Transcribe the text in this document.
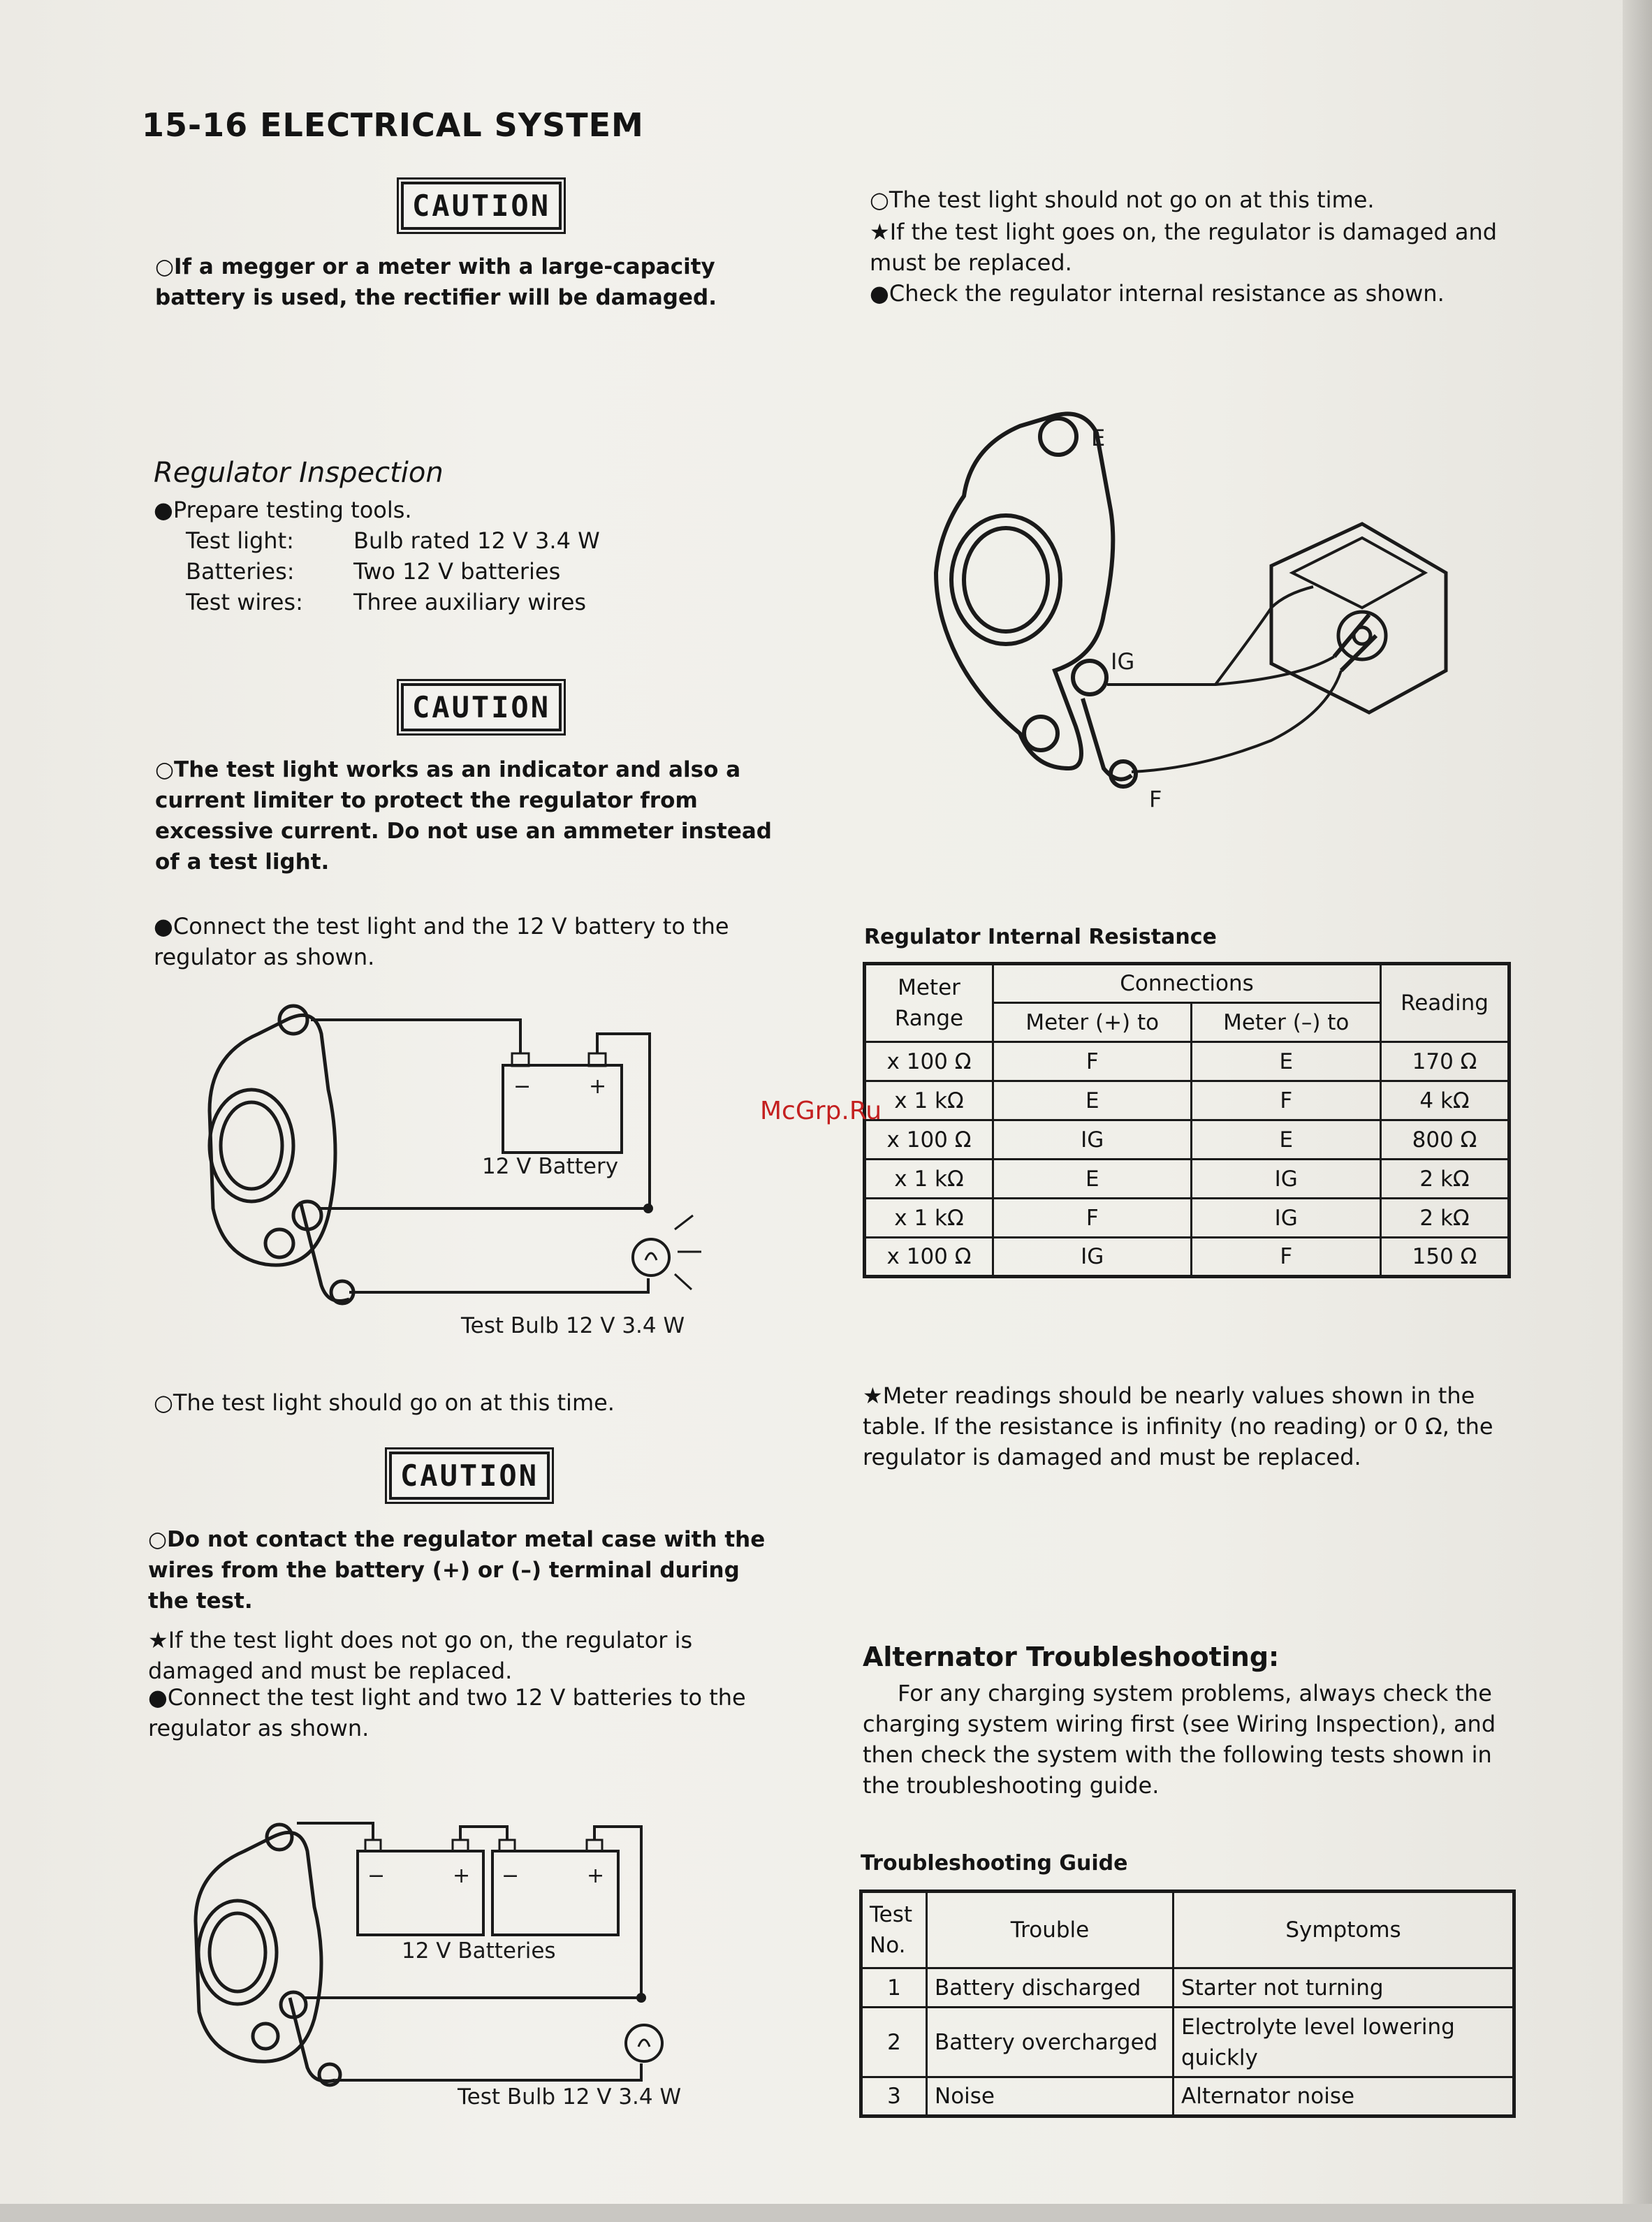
15-16 ELECTRICAL SYSTEM
CAUTION
○If a megger or a meter with a large-capacity battery is used, the rectifier will be damaged.
Regulator Inspection
●Prepare testing tools.
Test light:	Bulb rated 12 V 3.4 W
Batteries:	Two 12 V batteries
Test wires:	Three auxiliary wires
CAUTION
○The test light works as an indicator and also a current limiter to protect the regulator from excessive current. Do not use an ammeter instead of a test light.
●Connect the test light and the 12 V battery to the regulator as shown.
−	+
12 V Battery
Test Bulb 12 V 3.4 W
○The test light should go on at this time.
CAUTION
○Do not contact the regulator metal case with the wires from the battery (+) or (–) terminal during the test.
★If the test light does not go on, the regulator is damaged and must be replaced.
●Connect the test light and two 12 V batteries to the regulator as shown.
−	+ −	+
12 V Batteries
Test Bulb 12 V 3.4 W
○The test light should not go on at this time.
★If the test light goes on, the regulator is damaged and must be replaced.
●Check the regulator internal resistance as shown.
E
IG
F
Regulator Internal Resistance
Meter Range	Connections		Reading
	Meter (+) to	Meter (–) to	
x 100 Ω	F	E	170 Ω
x 1 kΩ	E	F	4 kΩ
x 100 Ω	IG	E	800 Ω
x 1 kΩ	E	IG	2 kΩ
x 1 kΩ	F	IG	2 kΩ
x 100 Ω	IG	F	150 Ω
★Meter readings should be nearly values shown in the table. If the resistance is infinity (no reading) or 0 Ω, the regulator is damaged and must be replaced.
Alternator Troubleshooting:
For any charging system problems, always check the charging system wiring first (see Wiring Inspection), and then check the system with the following tests shown in the troubleshooting guide.
Troubleshooting Guide
Test No.	Trouble	Symptoms
1	Battery discharged	Starter not turning
2	Battery overcharged	Electrolyte level lowering quickly
3	Noise	Alternator noise
McGrp.Ru
